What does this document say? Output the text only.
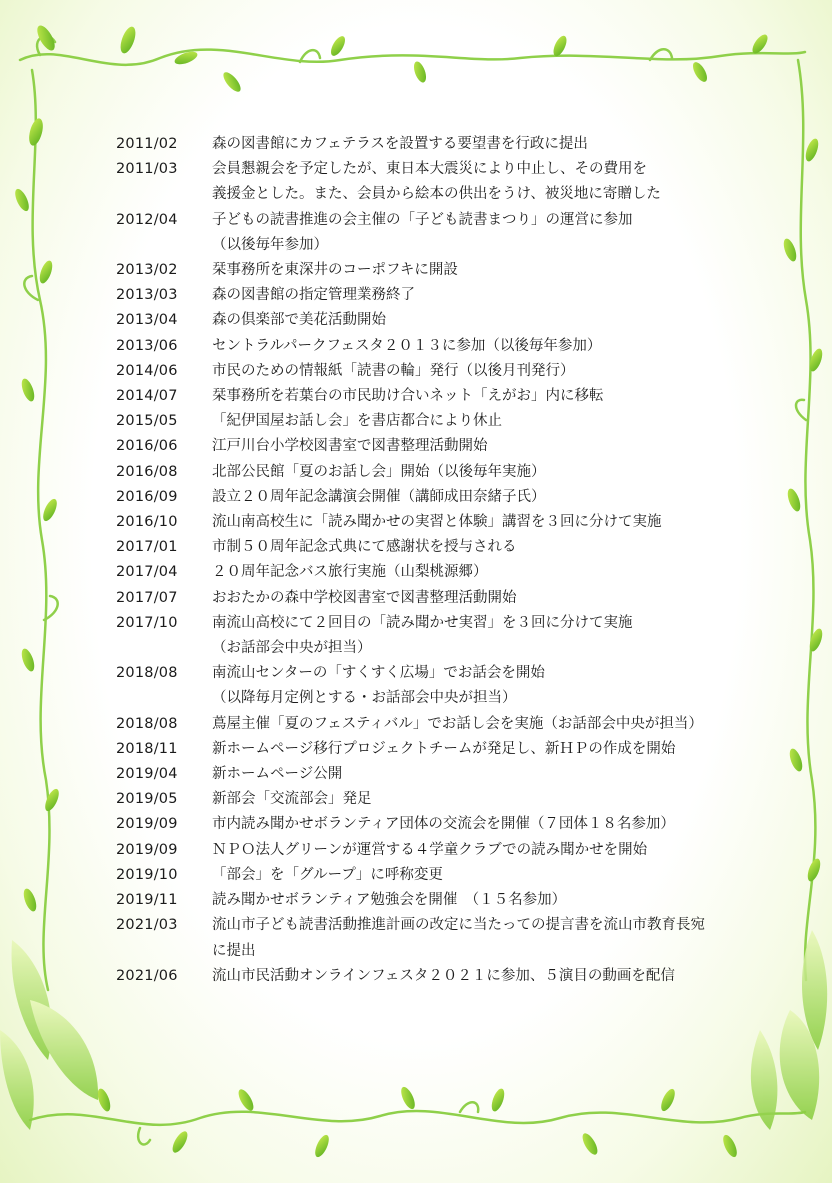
2011/02	森の図書館にカフェテラスを設置する要望書を行政に提出
2011/03	会員懇親会を予定したが、東日本大震災により中止し、その費用を
義援金とした。また、会員から絵本の供出をうけ、被災地に寄贈した
2012/04	子どもの読書推進の会主催の「子ども読書まつり」の運営に参加
（以後毎年参加）
2013/02	栞事務所を東深井のコーポフキに開設
2013/03	森の図書館の指定管理業務終了
2013/04	森の倶楽部で美花活動開始
2013/06	セントラルパークフェスタ２０１３に参加（以後毎年参加）
2014/06	市民のための情報紙「読書の輪」発行（以後月刊発行）
2014/07	栞事務所を若葉台の市民助け合いネット「えがお」内に移転
2015/05	「紀伊国屋お話し会」を書店都合により休止
2016/06	江戸川台小学校図書室で図書整理活動開始
2016/08	北部公民館「夏のお話し会」開始（以後毎年実施）
2016/09	設立２０周年記念講演会開催（講師成田奈緒子氏）
2016/10	流山南高校生に「読み聞かせの実習と体験」講習を３回に分けて実施
2017/01	市制５０周年記念式典にて感謝状を授与される
2017/04	２０周年記念バス旅行実施（山梨桃源郷）
2017/07	おおたかの森中学校図書室で図書整理活動開始
2017/10	南流山高校にて２回目の「読み聞かせ実習」を３回に分けて実施
（お話部会中央が担当）
2018/08	南流山センターの「すくすく広場」でお話会を開始
（以降毎月定例とする・お話部会中央が担当）
2018/08	蔦屋主催「夏のフェスティバル」でお話し会を実施（お話部会中央が担当）
2018/11	新ホームページ移行プロジェクトチームが発足し、新ＨＰの作成を開始
2019/04	新ホームページ公開
2019/05	新部会「交流部会」発足
2019/09	市内読み聞かせボランティア団体の交流会を開催（７団体１８名参加）
2019/09	ＮＰＯ法人グリーンが運営する４学童クラブでの読み聞かせを開始
2019/10	「部会」を「グループ」に呼称変更
2019/11	読み聞かせボランティア勉強会を開催　（１５名参加）
2021/03	流山市子ども読書活動推進計画の改定に当たっての提言書を流山市教育長宛
に提出
2021/06	流山市民活動オンラインフェスタ２０２１に参加、５演目の動画を配信
